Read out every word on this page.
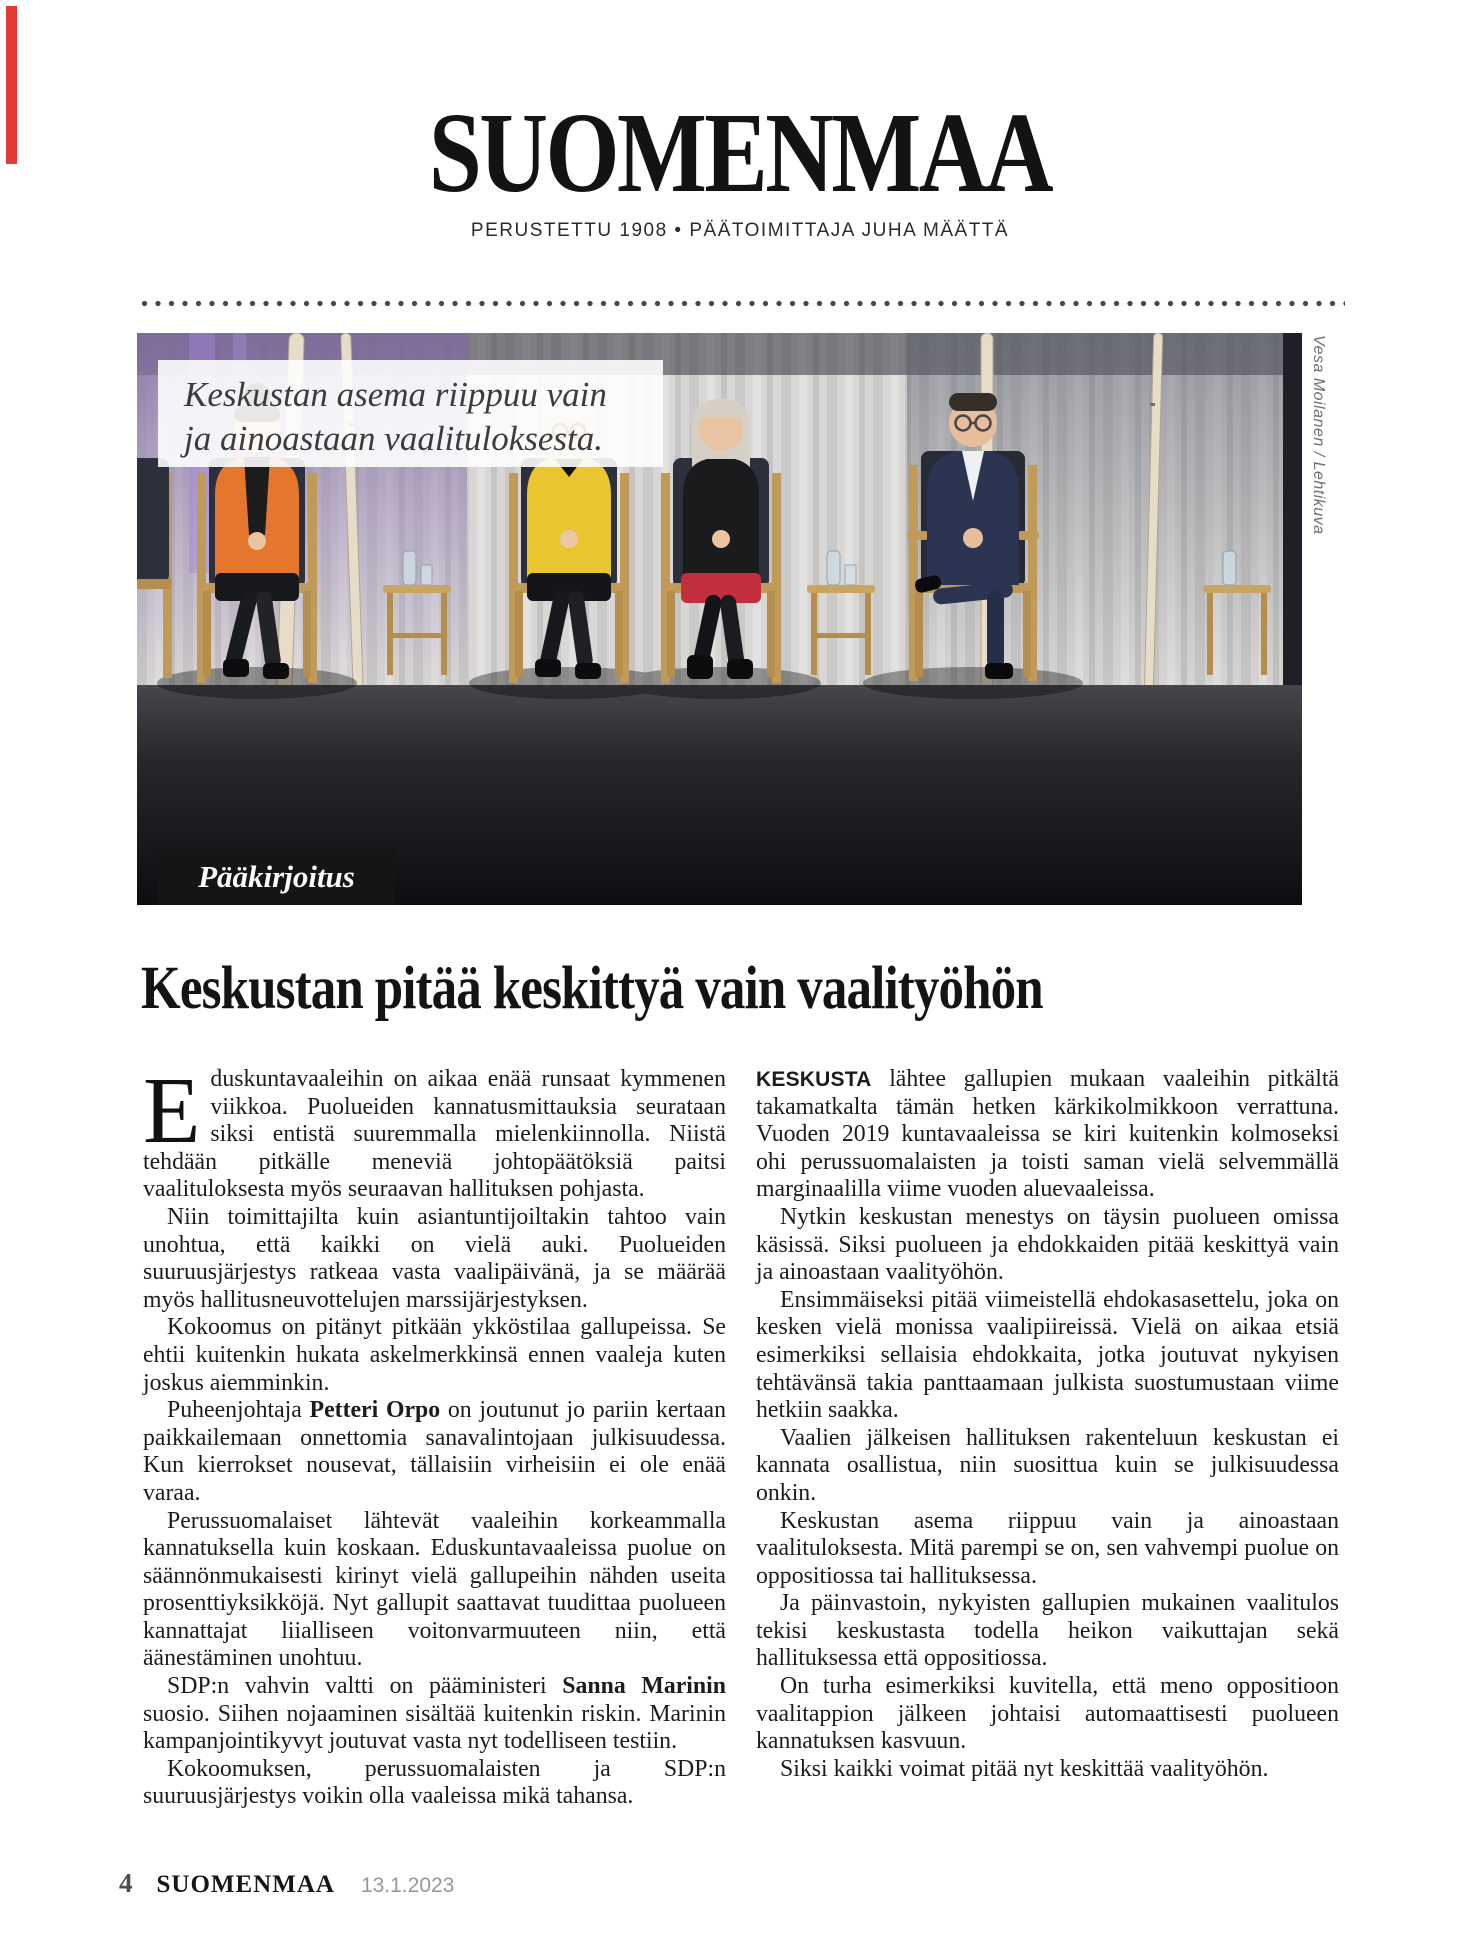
SUOMENMAA
PERUSTETTU 1908 • PÄÄTOIMITTAJA JUHA MÄÄTTÄ
Keskustan asema riippuu vain
ja ainoastaan vaalituloksesta.
Pääkirjoitus
Vesa Moilanen / Lehtikuva
Keskustan pitää keskittyä vain vaalityöhön

Eduskuntavaaleihin on aikaa enää runsaat kymmenen viikkoa. Puolueiden kannatusmittauksia seurataan siksi entistä suuremmalla mielenkiinnolla. Niistä tehdään pitkälle meneviä johtopäätöksiä paitsi vaalituloksesta myös seuraavan hallituksen pohjasta.

Niin toimittajilta kuin asiantuntijoiltakin tahtoo vain unohtua, että kaikki on vielä auki. Puolueiden suuruusjärjestys ratkeaa vasta vaalipäivänä, ja se määrää myös hallitusneuvottelujen marssijärjestyksen.

Kokoomus on pitänyt pitkään ykköstilaa gallupeissa. Se ehtii kuitenkin hukata askelmerkkinsä ennen vaaleja kuten joskus aiemminkin.

Puheenjohtaja Petteri Orpo on joutunut jo pariin kertaan paikkailemaan onnettomia sanavalintojaan julkisuudessa. Kun kierrokset nousevat, tällaisiin virheisiin ei ole enää varaa.

Perussuomalaiset lähtevät vaaleihin korkeammalla kannatuksella kuin koskaan. Eduskuntavaaleissa puolue on säännönmukaisesti kirinyt vielä gallupeihin nähden useita prosenttiyksikköjä. Nyt gallupit saattavat tuudittaa puolueen kannattajat liialliseen voitonvarmuuteen niin, että äänestäminen unohtuu.

SDP:n vahvin valtti on pääministeri Sanna Marinin suosio. Siihen nojaaminen sisältää kuitenkin riskin. Marinin kampanjointikyvyt joutuvat vasta nyt todelliseen testiin.

Kokoomuksen, perussuomalaisten ja SDP:n suuruusjärjestys voikin olla vaaleissa mikä tahansa.

KESKUSTA lähtee gallupien mukaan vaaleihin pitkältä takamatkalta tämän hetken kärkikolmikkoon verrattuna. Vuoden 2019 kuntavaaleissa se kiri kuitenkin kolmoseksi ohi perussuomalaisten ja toisti saman vielä selvemmällä marginaalilla viime vuoden aluevaaleissa.

Nytkin keskustan menestys on täysin puolueen omissa käsissä. Siksi puolueen ja ehdokkaiden pitää keskittyä vain ja ainoastaan vaalityöhön.

Ensimmäiseksi pitää viimeistellä ehdokasasettelu, joka on kesken vielä monissa vaalipiireissä. Vielä on aikaa etsiä esimerkiksi sellaisia ehdokkaita, jotka joutuvat nykyisen tehtävänsä takia panttaamaan julkista suostumustaan viime hetkiin saakka.

Vaalien jälkeisen hallituksen rakenteluun keskustan ei kannata osallistua, niin suosittua kuin se julkisuudessa onkin.

Keskustan asema riippuu vain ja ainoastaan vaalituloksesta. Mitä parempi se on, sen vahvempi puolue on oppositiossa tai hallituksessa.

Ja päinvastoin, nykyisten gallupien mukainen vaalitulos tekisi keskustasta todella heikon vaikuttajan sekä hallituksessa että oppositiossa.

On turha esimerkiksi kuvitella, että meno oppositioon vaalitappion jälkeen johtaisi automaattisesti puolueen kannatuksen kasvuun.

Siksi kaikki voimat pitää nyt keskittää vaalityöhön.

4 SUOMENMAA 13.1.2023
